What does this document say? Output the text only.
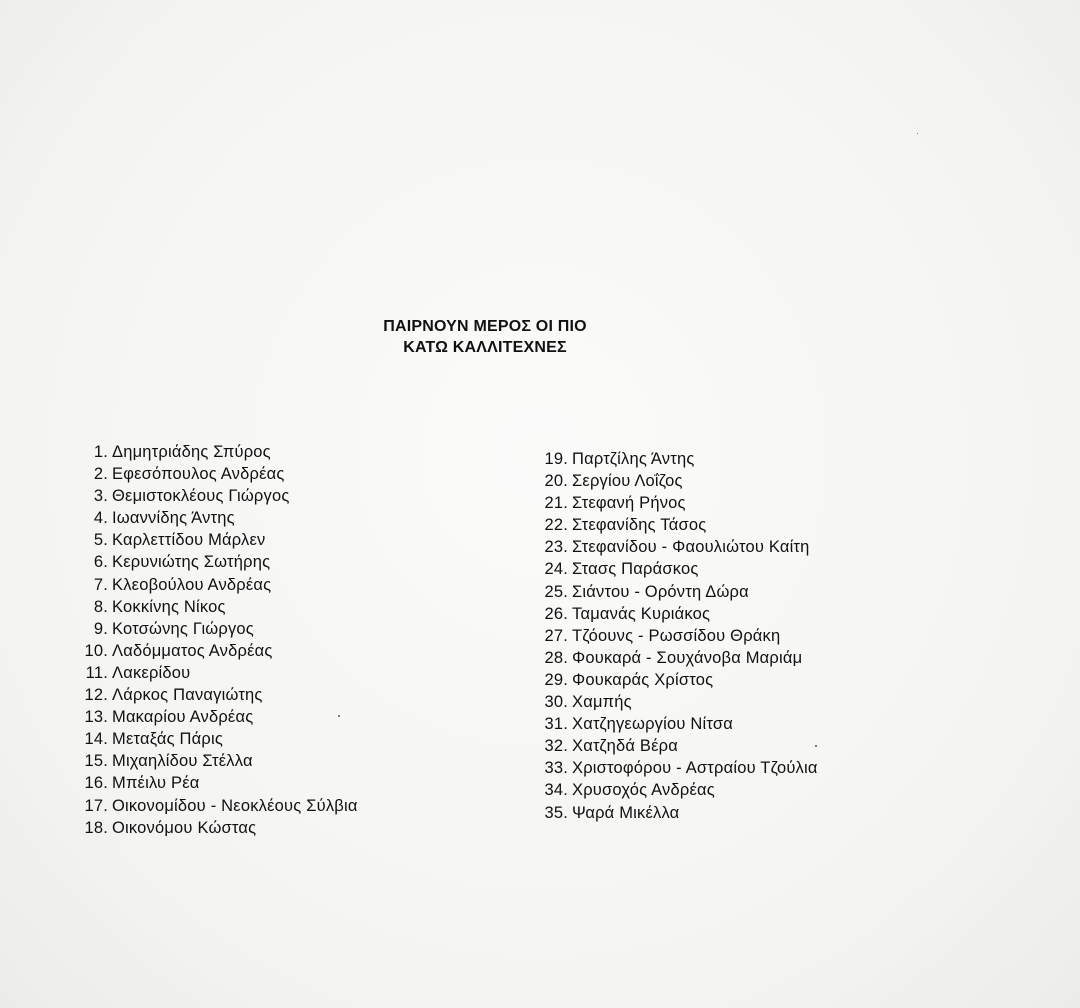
ΠΑΙΡΝΟΥΝ ΜΕΡΟΣ ΟΙ ΠΙΟ
ΚΑΤΩ ΚΑΛΛΙΤΕΧΝΕΣ
1. Δημητριάδης Σπύρος
2. Εφεσόπουλος Ανδρέας
3. Θεμιστοκλέους Γιώργος
4. Ιωαννίδης Άντης
5. Καρλεττίδου Μάρλεν
6. Κερυνιώτης Σωτήρης
7. Κλεοβούλου Ανδρέας
8. Κοκκίνης Νίκος
9. Κοτσώνης Γιώργος
10. Λαδόμματος Ανδρέας
11. Λακερίδου
12. Λάρκος Παναγιώτης
13. Μακαρίου Ανδρέας
14. Μεταξάς Πάρις
15. Μιχαηλίδου Στέλλα
16. Μπέιλυ Ρέα
17. Οικονομίδου - Νεοκλέους Σύλβια
18. Οικονόμου Κώστας
19. Παρτζίλης Άντης
20. Σεργίου Λοΐζος
21. Στεφανή Ρήνος
22. Στεφανίδης Τάσος
23. Στεφανίδου - Φαουλιώτου Καίτη
24. Στασς Παράσκος
25. Σιάντου - Ορόντη Δώρα
26. Ταμανάς Κυριάκος
27. Τζόουνς - Ρωσσίδου Θράκη
28. Φουκαρά - Σουχάνοβα Μαριάμ
29. Φουκαράς Χρίστος
30. Χαμπής
31. Χατζηγεωργίου Νίτσα
32. Χατζηδά Βέρα
33. Χριστοφόρου - Αστραίου Τζούλια
34. Χρυσοχός Ανδρέας
35. Ψαρά Μικέλλα
